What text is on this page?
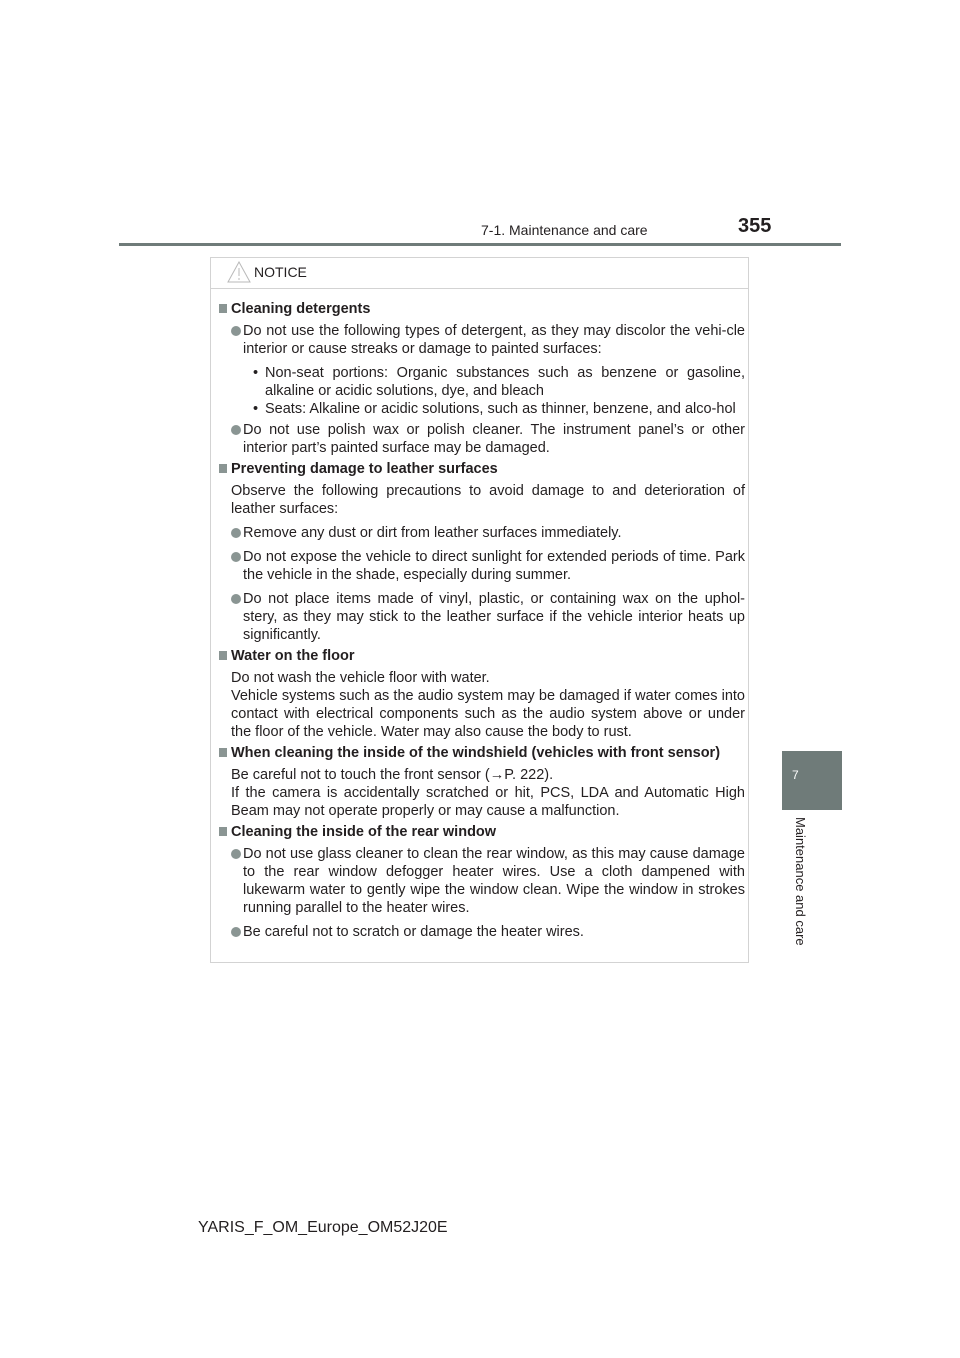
355
7-1. Maintenance and care
7
Maintenance and care
NOTICE
Cleaning detergents
Do not use the following types of detergent, as they may discolor the vehi-cle interior or cause streaks or damage to painted surfaces:
• Non-seat portions: Organic substances such as benzene or gasoline, alkaline or acidic solutions, dye, and bleach
• Seats: Alkaline or acidic solutions, such as thinner, benzene, and alco-hol
Do not use polish wax or polish cleaner. The instrument panel’s or other interior part’s painted surface may be damaged.
Preventing damage to leather surfaces
Observe the following precautions to avoid damage to and deterioration of leather surfaces:
Remove any dust or dirt from leather surfaces immediately.
Do not expose the vehicle to direct sunlight for extended periods of time. Park the vehicle in the shade, especially during summer.
Do not place items made of vinyl, plastic, or containing wax on the uphol-stery, as they may stick to the leather surface if the vehicle interior heats up significantly.
Water on the floor
Do not wash the vehicle floor with water.
Vehicle systems such as the audio system may be damaged if water comes into contact with electrical components such as the audio system above or under the floor of the vehicle. Water may also cause the body to rust.
When cleaning the inside of the windshield (vehicles with front sensor)
Be careful not to touch the front sensor (→P. 222).
If the camera is accidentally scratched or hit, PCS, LDA and Automatic High Beam may not operate properly or may cause a malfunction.
Cleaning the inside of the rear window
Do not use glass cleaner to clean the rear window, as this may cause damage to the rear window defogger heater wires. Use a cloth dampened with lukewarm water to gently wipe the window clean. Wipe the window in strokes running parallel to the heater wires.
Be careful not to scratch or damage the heater wires.
YARIS_F_OM_Europe_OM52J20E
